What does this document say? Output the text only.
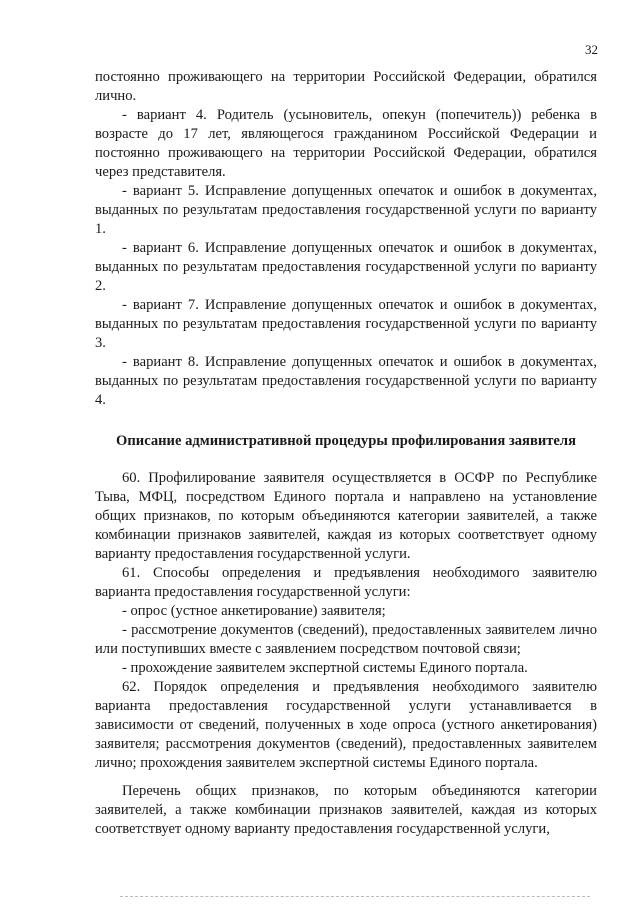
32

постоянно проживающего на территории Российской Федерации, обратился лично.

- вариант 4. Родитель (усыновитель, опекун (попечитель)) ребенка в возрасте до 17 лет, являющегося гражданином Российской Федерации и постоянно проживающего на территории Российской Федерации, обратился через представителя.

- вариант 5. Исправление допущенных опечаток и ошибок в документах, выданных по результатам предоставления государственной услуги по варианту 1.

- вариант 6. Исправление допущенных опечаток и ошибок в документах, выданных по результатам предоставления государственной услуги по варианту 2.

- вариант 7. Исправление допущенных опечаток и ошибок в документах, выданных по результатам предоставления государственной услуги по варианту 3.

- вариант 8. Исправление допущенных опечаток и ошибок в документах, выданных по результатам предоставления государственной услуги по варианту 4.

Описание административной процедуры профилирования заявителя

60. Профилирование заявителя осуществляется в ОСФР по Республике Тыва, МФЦ, посредством Единого портала и направлено на установление общих признаков, по которым объединяются категории заявителей, а также комбинации признаков заявителей, каждая из которых соответствует одному варианту предоставления государственной услуги.

61. Способы определения и предъявления необходимого заявителю варианта предоставления государственной услуги:

- опрос (устное анкетирование) заявителя;

- рассмотрение документов (сведений), предоставленных заявителем лично или поступивших вместе с заявлением посредством почтовой связи;

- прохождение заявителем экспертной системы Единого портала.

62. Порядок определения и предъявления необходимого заявителю варианта предоставления государственной услуги устанавливается в зависимости от сведений, полученных в ходе опроса (устного анкетирования) заявителя; рассмотрения документов (сведений), предоставленных заявителем лично; прохождения заявителем экспертной системы Единого портала.

Перечень общих признаков, по которым объединяются категории заявителей, а также комбинации признаков заявителей, каждая из которых соответствует одному варианту предоставления государственной услуги,
